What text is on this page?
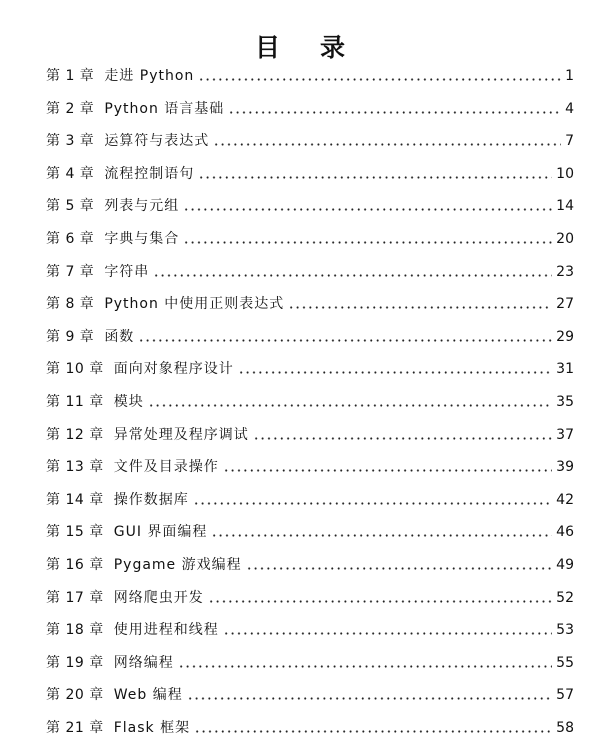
目 录
第 1 章 走进 Python	1
第 2 章 Python 语言基础	4
第 3 章 运算符与表达式	7
第 4 章 流程控制语句	10
第 5 章 列表与元组	14
第 6 章 字典与集合	20
第 7 章 字符串	23
第 8 章 Python 中使用正则表达式	27
第 9 章 函数	29
第 10 章 面向对象程序设计	31
第 11 章 模块	35
第 12 章 异常处理及程序调试	37
第 13 章 文件及目录操作	39
第 14 章 操作数据库	42
第 15 章 GUI 界面编程	46
第 16 章 Pygame 游戏编程	49
第 17 章 网络爬虫开发	52
第 18 章 使用进程和线程	53
第 19 章 网络编程	55
第 20 章 Web 编程	57
第 21 章 Flask 框架	58
